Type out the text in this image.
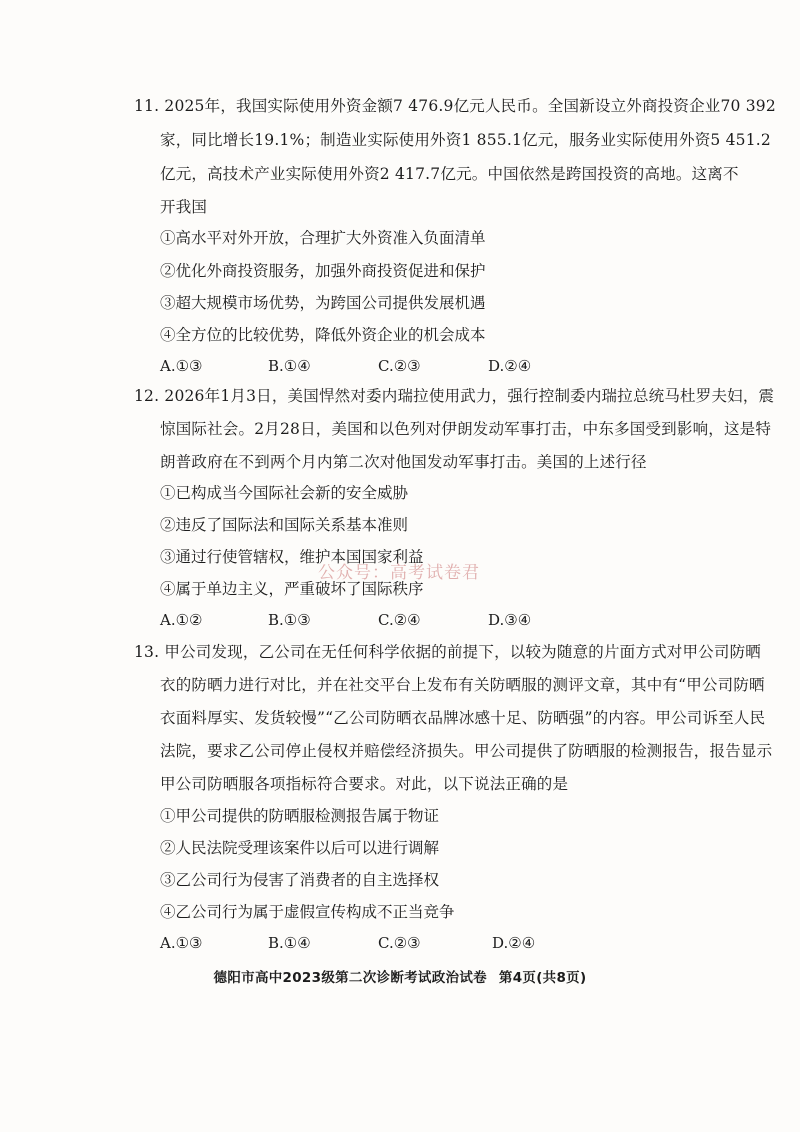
11. 2025年，我国实际使用外资金额7 476.9亿元人民币。全国新设立外商投资企业70 392
家，同比增长19.1%；制造业实际使用外资1 855.1亿元，服务业实际使用外资5 451.2
亿元，高技术产业实际使用外资2 417.7亿元。中国依然是跨国投资的高地。这离不
开我国
①高水平对外开放，合理扩大外资准入负面清单
②优化外商投资服务，加强外商投资促进和保护
③超大规模市场优势，为跨国公司提供发展机遇
④全方位的比较优势，降低外资企业的机会成本
A.①③	B.①④	C.②③	D.②④
12. 2026年1月3日，美国悍然对委内瑞拉使用武力，强行控制委内瑞拉总统马杜罗夫妇，震
惊国际社会。2月28日，美国和以色列对伊朗发动军事打击，中东多国受到影响，这是特
朗普政府在不到两个月内第二次对他国发动军事打击。美国的上述行径
①已构成当今国际社会新的安全威胁
②违反了国际法和国际关系基本准则
③通过行使管辖权，维护本国国家利益
④属于单边主义，严重破坏了国际秩序
A.①②	B.①③	C.②④	D.③④
公众号：高考试卷君
13. 甲公司发现，乙公司在无任何科学依据的前提下，以较为随意的片面方式对甲公司防晒
衣的防晒力进行对比，并在社交平台上发布有关防晒服的测评文章，其中有“甲公司防晒
衣面料厚实、发货较慢”“乙公司防晒衣品牌冰感十足、防晒强”的内容。甲公司诉至人民
法院，要求乙公司停止侵权并赔偿经济损失。甲公司提供了防晒服的检测报告，报告显示
甲公司防晒服各项指标符合要求。对此，以下说法正确的是
①甲公司提供的防晒服检测报告属于物证
②人民法院受理该案件以后可以进行调解
③乙公司行为侵害了消费者的自主选择权
④乙公司行为属于虚假宣传构成不正当竞争
A.①③	B.①④	C.②③	D.②④
德阳市高中2023级第二次诊断考试政治试卷 第4页(共8页)
